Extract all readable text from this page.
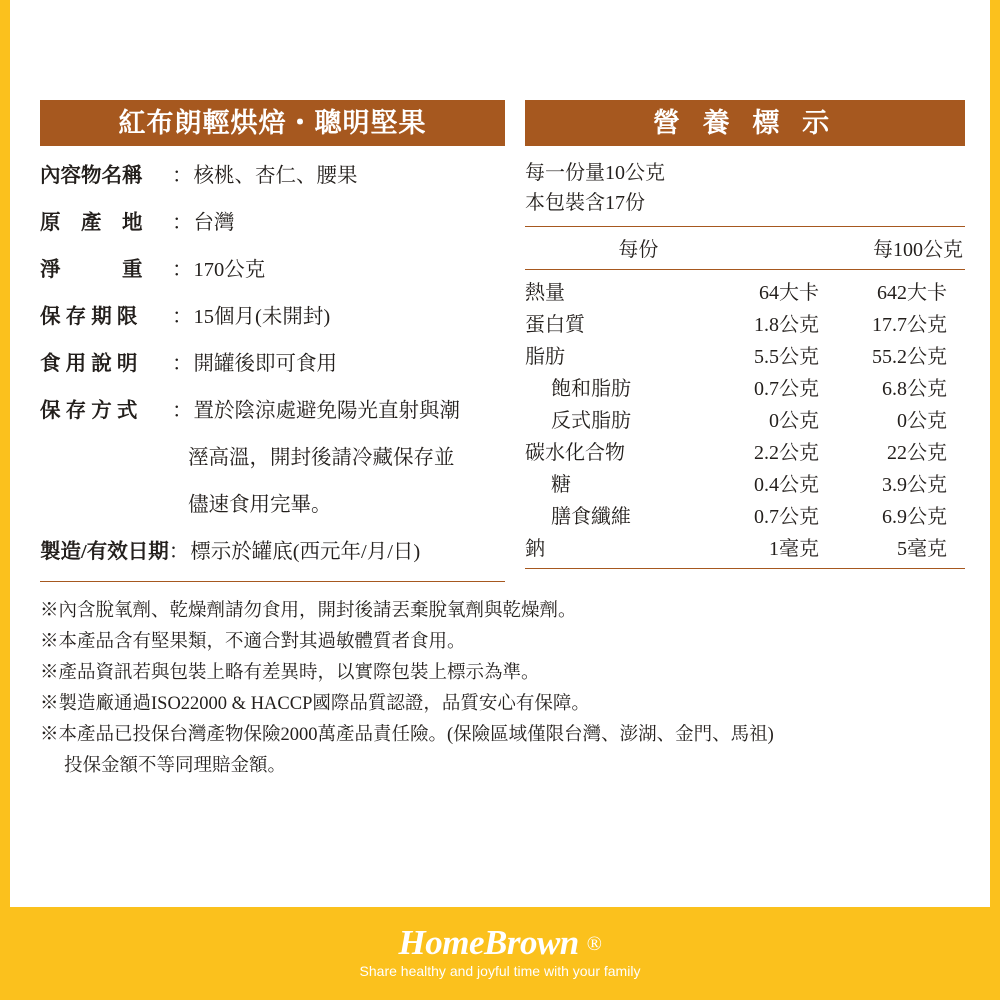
紅布朗輕烘焙・聰明堅果	營 養 標 示
內容物名稱	： 核桃、杏仁、腰果
原　產　地	： 台灣
淨　　　重	： 170公克
保 存 期 限	： 15個月(未開封)
食 用 說 明	： 開罐後即可食用
保 存 方 式	： 置於陰涼處避免陽光直射與潮
溼高溫，開封後請冷藏保存並
儘速食用完畢。
製造/有效日期 ： 標示於罐底(西元年/月/日)
每一份量10公克
本包裝含17份
	每份	每100公克
熱量	64	大卡	642	大卡
蛋白質	1.8	公克	17.7	公克
脂肪	5.5	公克	55.2	公克
飽和脂肪	0.7	公克	6.8	公克
反式脂肪	0	公克	0	公克
碳水化合物	2.2	公克	22	公克
糖	0.4	公克	3.9	公克
膳食纖維	0.7	公克	6.9	公克
鈉	1	毫克	5	毫克
※內含脫氧劑、乾燥劑請勿食用，開封後請丟棄脫氧劑與乾燥劑。
※本產品含有堅果類，不適合對其過敏體質者食用。
※產品資訊若與包裝上略有差異時，以實際包裝上標示為準。
※製造廠通過ISO22000 & HACCP國際品質認證，品質安心有保障。
※本產品已投保台灣產物保險2000萬產品責任險。(保險區域僅限台灣、澎湖、金門、馬祖)
投保金額不等同理賠金額。
HomeBrown ®
Share healthy and joyful time with your family
